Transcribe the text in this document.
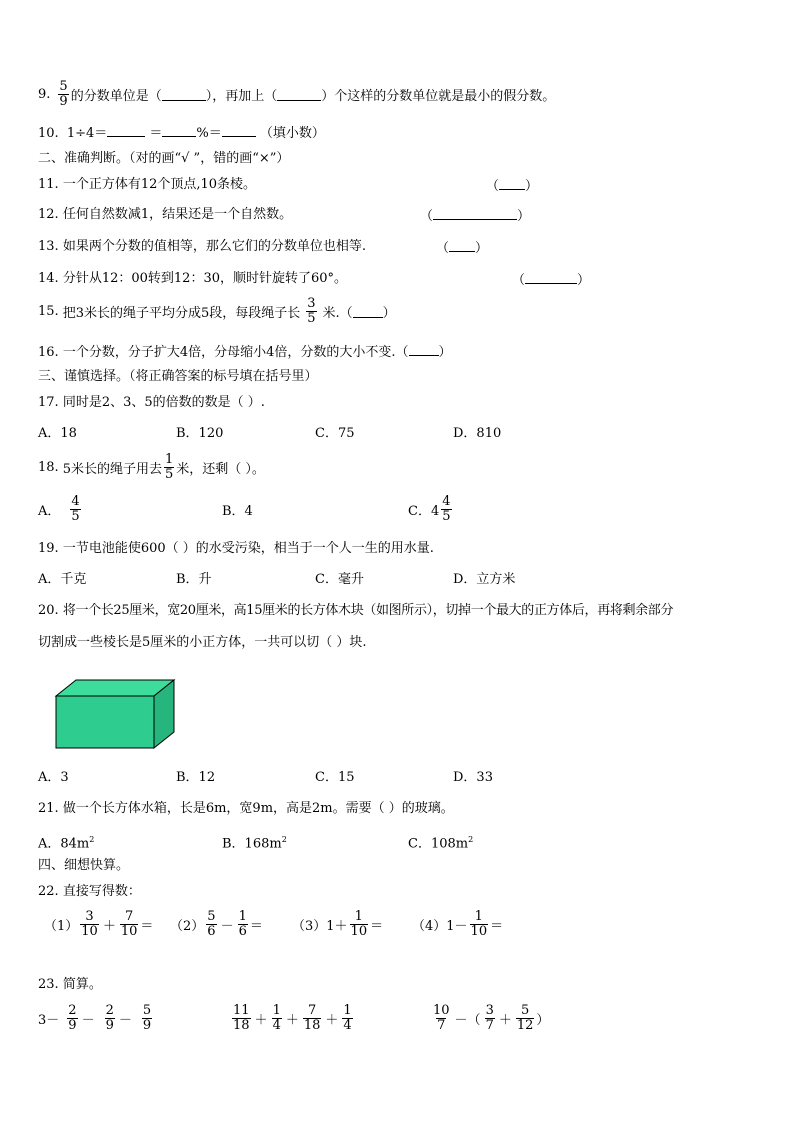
9. $\frac{5}{9}$ 的分数单位是（	），再加上（	）个这样的分数单位就是最小的假分数。
10. 1÷4＝	＝	%＝	（填小数）
二、准确判断。（对的画“√ ”，错的画“×”）
11. 一个正方体有12个顶点,10条棱。	（ ）
12. 任何自然数减1，结果还是一个自然数。	（	）
13. 如果两个分数的值相等，那么它们的分数单位也相等.	（ ）
14. 分针从12：00转到12：30，顺时针旋转了60°。	（	）
15. 把3米长的绳子平均分成5段，每段绳子长 $\frac{3}{5}$ 米.（ ）
16. 一个分数，分子扩大4倍，分母缩小4倍，分数的大小不变.（ ）
三、谨慎选择。（将正确答案的标号填在括号里）
17. 同时是2、3、5的倍数的数是（ ）.
A．18	B．120	C．75	D．810
18. 5米长的绳子用去 $\frac{1}{5}$ 米，还剩（ ）。
A． $\frac{4}{5}$	B．4	C．$4 \frac{4}{5}$
19. 一节电池能使600（ ）的水受污染，相当于一个人一生的用水量.
A．千克	B．升	C．毫升	D．立方米
20. 将一个长25厘米，宽20厘米，高15厘米的长方体木块（如图所示），切掉一个最大的正方体后，再将剩余部分
切割成一些棱长是5厘米的小正方体，一共可以切（ ）块.
A．3	B．12	C．15	D．33
21. 做一个长方体水箱，长是6m，宽9m，高是2m。需要（ ）的玻璃。
A．$84m^2$	B．$168m^2$	C．$108m^2$
四、细想快算。
22. 直接写得数：
$(1) \frac{3}{10} + \frac{7}{10} = (2) \frac{5}{6} - \frac{1}{6} = (3)1+ \frac{1}{10} = (4)1- \frac{1}{10}$ ＝
23. 简算。
$3- \frac{2}{9} - \frac{2}{9} - \frac{5}{9}$	$\frac{11}{18} + \frac{1}{4} + \frac{7}{18} + \frac{1}{4}$	$\frac{10}{7}$ －（ $\frac{3}{7} + \frac{5}{12}$ ）
